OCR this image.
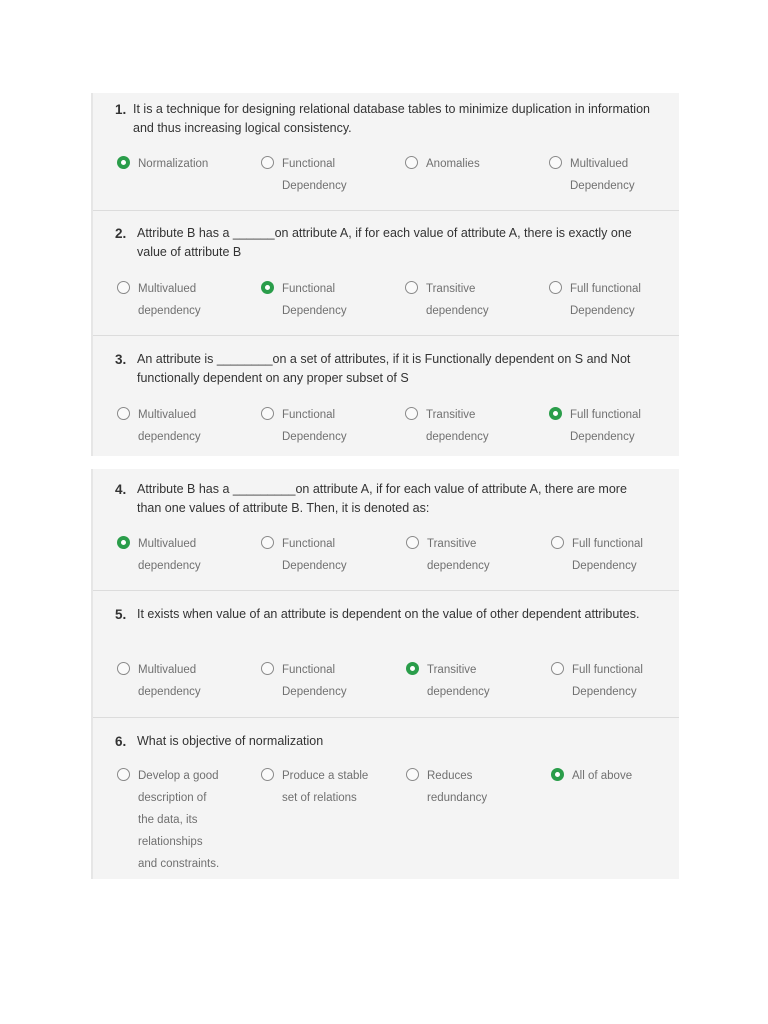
1. It is a technique for designing relational database tables to minimize duplication in information and thus increasing logical consistency.
Normalization	Functional
Dependency
Anomalies	Multivalued
Dependency
2. Attribute B has a ______on attribute A, if for each value of attribute A, there is exactly one value of attribute B
Multivalued
dependency
Functional
Dependency
Transitive
dependency
Full functional
Dependency
3. An attribute is ________on a set of attributes, if it is Functionally dependent on S and Not functionally dependent on any proper subset of S
Multivalued
dependency
Functional
Dependency
Transitive
dependency
Full functional
Dependency
4. Attribute B has a _________on attribute A, if for each value of attribute A, there are more than one values of attribute B. Then, it is denoted as:
Multivalued
dependency
Functional
Dependency
Transitive
dependency
Full functional
Dependency
5. It exists when value of an attribute is dependent on the value of other dependent attributes.
Multivalued
dependency
Functional
Dependency
Transitive
dependency
Full functional
Dependency
6. What is objective of normalization
Develop a good
description of
the data, its
relationships
and constraints.
Produce a stable
set of relations
Reduces
redundancy
All of above
